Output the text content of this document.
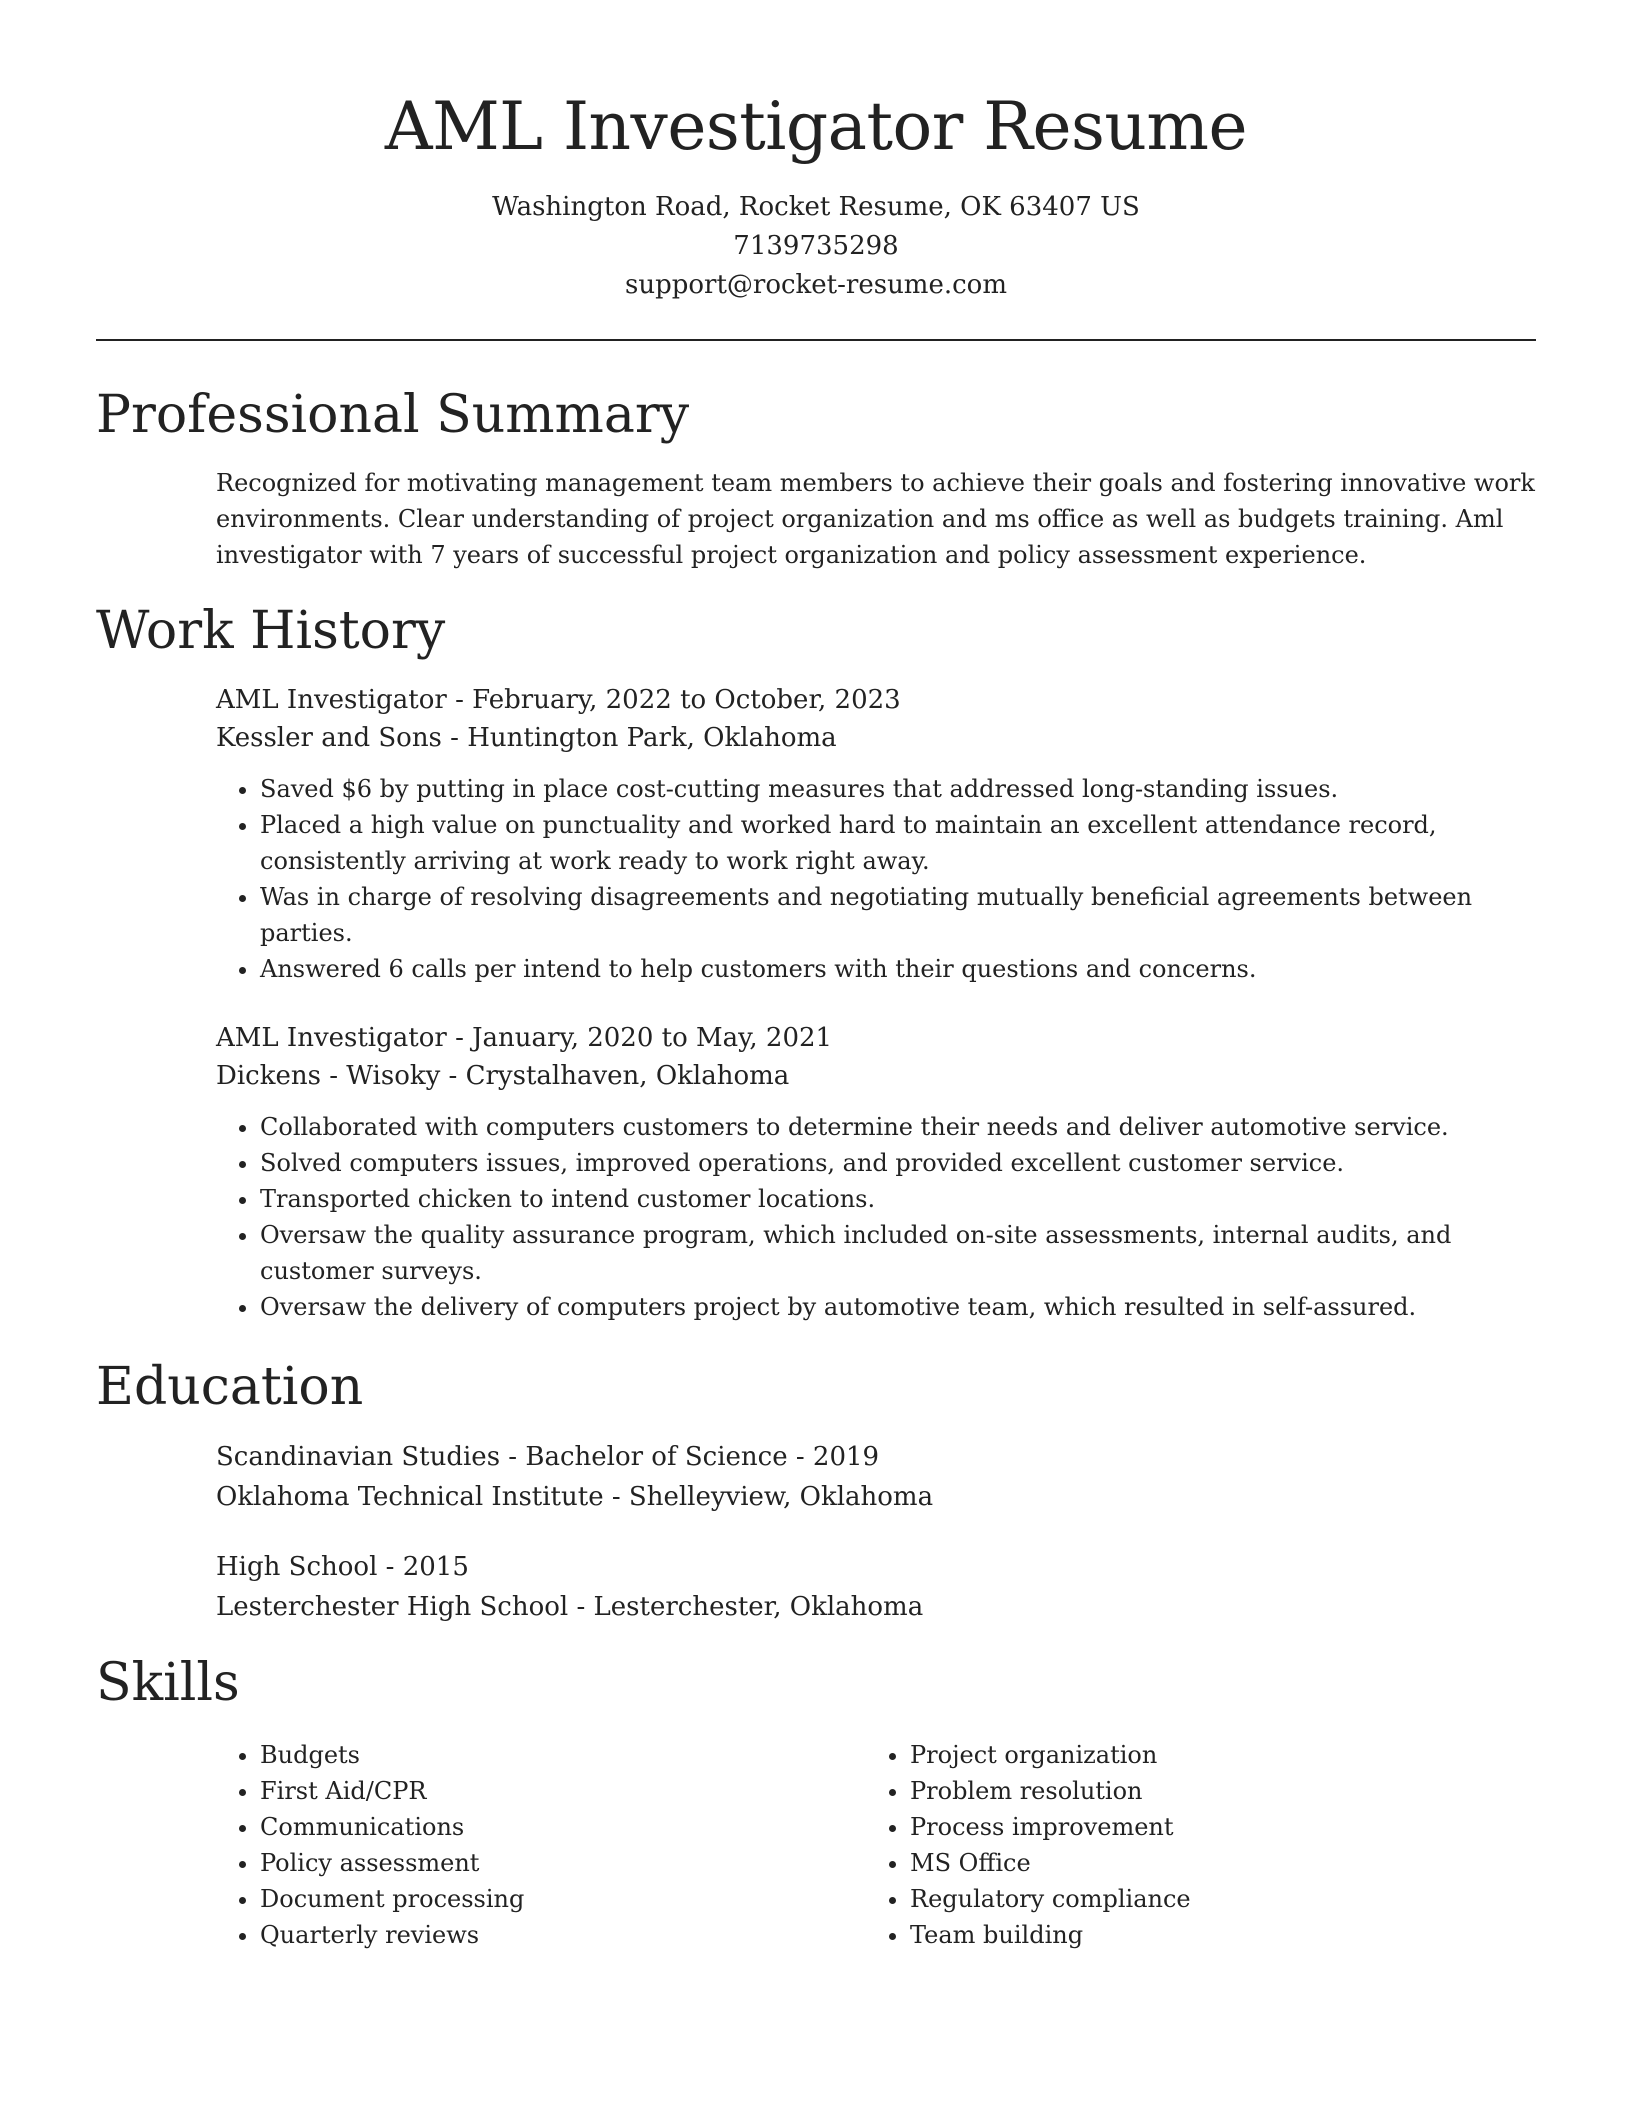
AML Investigator Resume
Washington Road, Rocket Resume, OK 63407 US
7139735298
support@rocket-resume.com
Professional Summary

Recognized for motivating management team members to achieve their goals and fostering innovative work environments. Clear understanding of project organization and ms office as well as budgets training. Aml investigator with 7 years of successful project organization and policy assessment experience.

Work History
AML Investigator - February, 2022 to October, 2023
Kessler and Sons - Huntington Park, Oklahoma
• Saved $6 by putting in place cost-cutting measures that addressed long-standing issues.
• Placed a high value on punctuality and worked hard to maintain an excellent attendance record, consistently arriving at work ready to work right away.
• Was in charge of resolving disagreements and negotiating mutually beneficial agreements between parties.
• Answered 6 calls per intend to help customers with their questions and concerns.
AML Investigator - January, 2020 to May, 2021
Dickens - Wisoky - Crystalhaven, Oklahoma
• Collaborated with computers customers to determine their needs and deliver automotive service.
• Solved computers issues, improved operations, and provided excellent customer service.
• Transported chicken to intend customer locations.
• Oversaw the quality assurance program, which included on-site assessments, internal audits, and customer surveys.
• Oversaw the delivery of computers project by automotive team, which resulted in self-assured.
Education
Scandinavian Studies - Bachelor of Science - 2019
Oklahoma Technical Institute - Shelleyview, Oklahoma
High School - 2015
Lesterchester High School - Lesterchester, Oklahoma
Skills
• Budgets
• First Aid/CPR
• Communications
• Policy assessment
• Document processing
• Quarterly reviews
• Project organization
• Problem resolution
• Process improvement
• MS Office
• Regulatory compliance
• Team building
